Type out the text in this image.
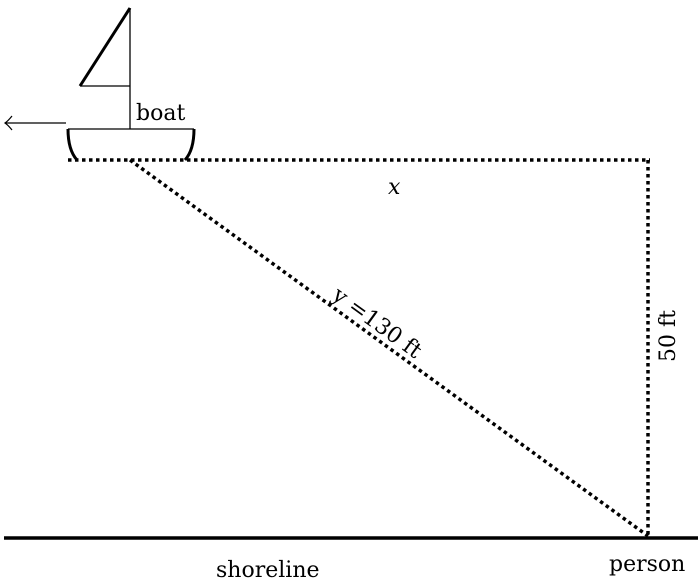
boat
x
y =130 ft	50 ft
shoreline	person
